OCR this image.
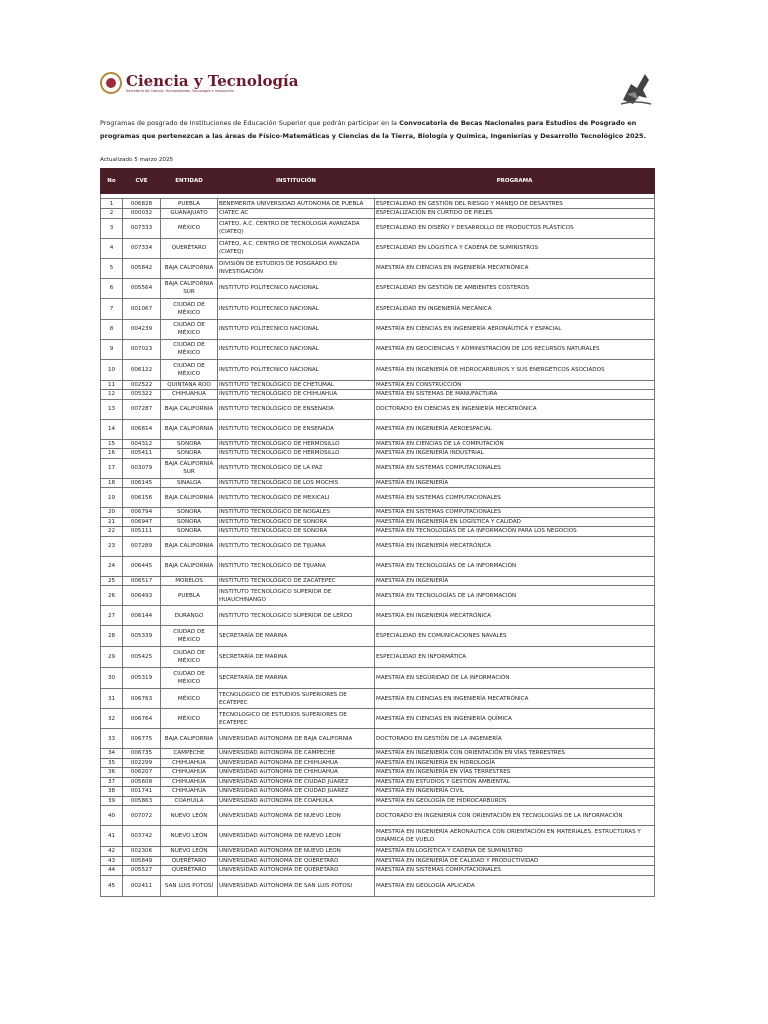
Ciencia y Tecnología
Secretaría de Ciencia, Humanidades, Tecnología e Innovación
Programas de posgrado de Instituciones de Educación Superior que podrán participar en la Convocatoria de Becas Nacionales para Estudios de Posgrado en programas que pertenezcan a las áreas de Físico-Matemáticas y Ciencias de la Tierra, Biología y Química, Ingenierías y Desarrollo Tecnológico 2025.
Actualizado 5 marzo 2025
No	CVE	ENTIDAD	INSTITUCIÓN	PROGRAMA

1	006828	PUEBLA	BENEMERITA UNIVERSIDAD AUTONOMA DE PUEBLA	ESPECIALIDAD EN GESTIÓN DEL RIESGO Y MANEJO DE DESASTRES
2	000032	GUANAJUATO	CIATEC AC	ESPECIALIZACIÓN EN CURTIDO DE PIELES
3	007333	MÉXICO	CIATEQ, A.C. CENTRO DE TECNOLOGIA AVANZADA (CIATEQ)	ESPECIALIDAD EN DISEÑO Y DESARROLLO DE PRODUCTOS PLÁSTICOS
4	007334	QUERÉTARO	CIATEQ, A.C. CENTRO DE TECNOLOGIA AVANZADA (CIATEQ)	ESPECIALIDAD EN LÓGISTICA Y CADENA DE SUMINISTROS
5	005842	BAJA CALIFORNIA	DIVISIÓN DE ESTUDIOS DE POSGRADO EN INVESTIGACIÓN	MAESTRÍA EN CIENCIAS EN INGENIERÍA MECATRÓNICA
6	005564	BAJA CALIFORNIA SUR	INSTITUTO POLITECNICO NACIONAL	ESPECIALIDAD EN GESTIÓN DE AMBIENTES COSTEROS
7	001067	CIUDAD DE MÉXICO	INSTITUTO POLITECNICO NACIONAL	ESPECIALIDAD EN INGENIERÍA MECÁNICA
8	004239	CIUDAD DE MÉXICO	INSTITUTO POLITECNICO NACIONAL	MAESTRÍA EN CIENCIAS EN INGENIERÍA AERONÁUTICA Y ESPACIAL
9	007023	CIUDAD DE MÉXICO	INSTITUTO POLITECNICO NACIONAL	MAESTRÍA EN GEOCIENCIAS Y ADMINISTRACIÓN DE LOS RECURSOS NATURALES
10	006122	CIUDAD DE MÉXICO	INSTITUTO POLITECNICO NACIONAL	MAESTRÍA EN INGENIERÍA DE HIDROCARBUROS Y SUS ENERGÉTICOS ASOCIADOS
11	002522	QUINTANA ROO	INSTITUTO TECNOLÓGICO DE CHETUMAL	MAESTRÍA EN CONSTRUCCIÓN
12	005322	CHIHUAHUA	INSTITUTO TECNOLÓGICO DE CHIHUAHUA	MAESTRÍA EN SISTEMAS DE MANUFACTURA
13	007287	BAJA CALIFORNIA	INSTITUTO TECNOLÓGICO DE ENSENADA	DOCTORADO EN CIENCIAS EN INGENIERÍA MECATRÓNICA
14	006814	BAJA CALIFORNIA	INSTITUTO TECNOLÓGICO DE ENSENADA	MAESTRÍA EN INGENIERÍA AEROESPACIAL
15	004312	SONORA	INSTITUTO TECNOLÓGICO DE HERMOSILLO	MAESTRÍA EN CIENCIAS DE LA COMPUTACIÓN
16	005411	SONORA	INSTITUTO TECNOLÓGICO DE HERMOSILLO	MAESTRÍA EN INGENIERÍA INDUSTRIAL
17	003079	BAJA CALIFORNIA SUR	INSTITUTO TECNOLÓGICO DE LA PAZ	MAESTRÍA EN SISTEMAS COMPUTACIONALES
18	006145	SINALOA	INSTITUTO TECNOLÓGICO DE LOS MOCHIS	MAESTRÍA EN INGENIERÍA
19	006156	BAJA CALIFORNIA	INSTITUTO TECNOLÓGICO DE MEXICALI	MAESTRÍA EN SISTEMAS COMPUTACIONALES
20	006794	SONORA	INSTITUTO TECNOLÓGICO DE NOGALES	MAESTRÍA EN SISTEMAS COMPUTACIONALES
21	006947	SONORA	INSTITUTO TECNOLÓGICO DE SONORA	MAESTRÍA EN INGENIERÍA EN LOGÍSTICA Y CALIDAD
22	005111	SONORA	INSTITUTO TECNOLÓGICO DE SONORA	MAESTRÍA EN TECNOLOGÍAS DE LA INFORMACIÓN PARA LOS NEGOCIOS
23	007289	BAJA CALIFORNIA	INSTITUTO TECNOLÓGICO DE TIJUANA	MAESTRÍA EN INGENIERÍA MECATRÓNICA
24	006445	BAJA CALIFORNIA	INSTITUTO TECNOLÓGICO DE TIJUANA	MAESTRÍA EN TECNOLOGÍAS DE LA INFORMACIÓN
25	006517	MORELOS	INSTITUTO TECNOLÓGICO DE ZACATEPEC	MAESTRÍA EN INGENIERÍA
26	006493	PUEBLA	INSTITUTO TECNOLÓGICO SUPERIOR DE HUAUCHINANGO	MAESTRÍA EN TECNOLOGÍAS DE LA INFORMACIÓN
27	006144	DURANGO	INSTITUTO TECNOLOGICO SUPERIOR DE LERDO	MAESTRÍA EN INGENIERÍA MECATRÓNICA
28	005339	CIUDAD DE MÉXICO	SECRETARÍA DE MARINA	ESPECIALIDAD EN COMUNICACIONES NAVALES
29	005425	CIUDAD DE MÉXICO	SECRETARÍA DE MARINA	ESPECIALIDAD EN INFORMÁTICA
30	005319	CIUDAD DE MÉXICO	SECRETARÍA DE MARINA	MAESTRÍA EN SEGURIDAD DE LA INFORMACIÓN
31	006763	MÉXICO	TECNOLOGICO DE ESTUDIOS SUPERIORES DE ECATEPEC	MAESTRÍA EN CIENCIAS EN INGENIERÍA MECATRÓNICA
32	006764	MÉXICO	TECNOLOGICO DE ESTUDIOS SUPERIORES DE ECATEPEC	MAESTRÍA EN CIENCIAS EN INGENIERÍA QUÍMICA
33	006775	BAJA CALIFORNIA	UNIVERSIDAD AUTONOMA DE BAJA CALIFORNIA	DOCTORADO EN GESTIÓN DE LA INGENIERÍA
34	006735	CAMPECHE	UNIVERSIDAD AUTONOMA DE CAMPECHE	MAESTRÍA EN INGENIERÍA CON ORIENTACIÓN EN VÍAS TERRESTRES
35	002299	CHIHUAHUA	UNIVERSIDAD AUTONOMA DE CHIHUAHUA	MAESTRÍA EN INGENIERÍA EN HIDROLOGÍA
36	006207	CHIHUAHUA	UNIVERSIDAD AUTONOMA DE CHIHUAHUA	MAESTRÍA EN INGENIERÍA EN VÍAS TERRESTRES
37	005608	CHIHUAHUA	UNIVERSIDAD AUTONOMA DE CIUDAD JUAREZ	MAESTRÍA EN ESTUDIOS Y GESTIÓN AMBIENTAL
38	001741	CHIHUAHUA	UNIVERSIDAD AUTONOMA DE CIUDAD JUAREZ	MAESTRÍA EN INGENIERÍA CIVIL
39	005863	COAHUILA	UNIVERSIDAD AUTONOMA DE COAHUILA	MAESTRÍA EN GEOLOGÍA DE HIDROCARBUROS
40	007072	NUEVO LEÓN	UNIVERSIDAD AUTONOMA DE NUEVO LEON	DOCTORADO EN INGENIERÍA CON ORIENTACIÓN EN TECNOLOGÍAS DE LA INFORMACIÓN
41	003742	NUEVO LEÓN	UNIVERSIDAD AUTONOMA DE NUEVO LEON	MAESTRÍA EN INGENIERÍA AERONÁUTICA CON ORIENTACIÓN EN MATERIALES, ESTRUCTURAS Y DINÁMICA DE VUELO
42	002306	NUEVO LEÓN	UNIVERSIDAD AUTONOMA DE NUEVO LEON	MAESTRÍA EN LOGÍSTICA Y CADENA DE SUMINISTRO
43	005849	QUERÉTARO	UNIVERSIDAD AUTONOMA DE QUERETARO	MAESTRÍA EN INGENIERÍA DE CALIDAD Y PRODUCTIVIDAD
44	005527	QUERÉTARO	UNIVERSIDAD AUTONOMA DE QUERETARO	MAESTRÍA EN SISTEMAS COMPUTACIONALES
45	002411	SAN LUIS POTOSÍ	UNIVERSIDAD AUTONOMA DE SAN LUIS POTOSI	MAESTRÍA EN GEOLOGÍA APLICADA
